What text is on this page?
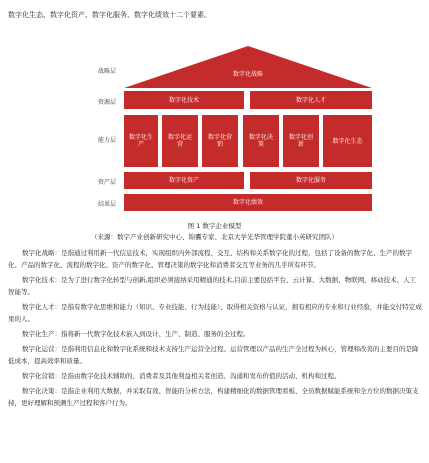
数字化生态、数字化资产、数字化服务、数字化绩效十二个要素。
战略层
资源层
能力层
资产层
结果层
数字化战略
数字化技术	数字化人才
数字化生产
数字化运营
数字化营销
数字化决策
数字化创新	数字化生态
数字化资产	数字化服务
数字化绩效
图 1 数字企业模型
（来源：数字产业创新研究中心、锦囊专家、北京大学光华管理学院董小英研究团队）

数字化战略：是指通过利用新一代信息技术，实现组织内外部流程、交互、结构和关系数字化的过程，包括了设备的数字化、生产的数字化、产品的数字化、流程的数字化、资产的数字化、管理决策的数字化和消费者交互等业务的几乎所有环节。

数字化技术：是为了进行数字化转型与创新,组织必须接纳采用精通的技术,目前主要包括平台、云计算、大数据、物联网、移动技术、人工智能等。

数字化人才：是指有数字化思维和能力（知识、专业技能、行为技能）、取得相关资格与认证，拥有相应的专业和行业经验，并能交付特定成果的人。

数字化生产：指将新一代数字化技术嵌入到设计、生产、制造、服务的全过程。

数字化运营：是指利用信息化和数字化系统和技术支持生产运营全过程。运营管理以产品的生产全过程为核心，管理和改善的主要目的是降低成本，提高效率和质量。

数字化营销：是指由数字化技术辅助的、消费者及其他利益相关者创造、沟通和发布价值的活动、机构和过程。

数字化决策：是指企业利用大数据，并采取有效、智能的分析方法，构建精细化的数据管理看板、全员数据赋能系统和全方位的数据决策支持，更好理解和预测生产过程和客户行为。
